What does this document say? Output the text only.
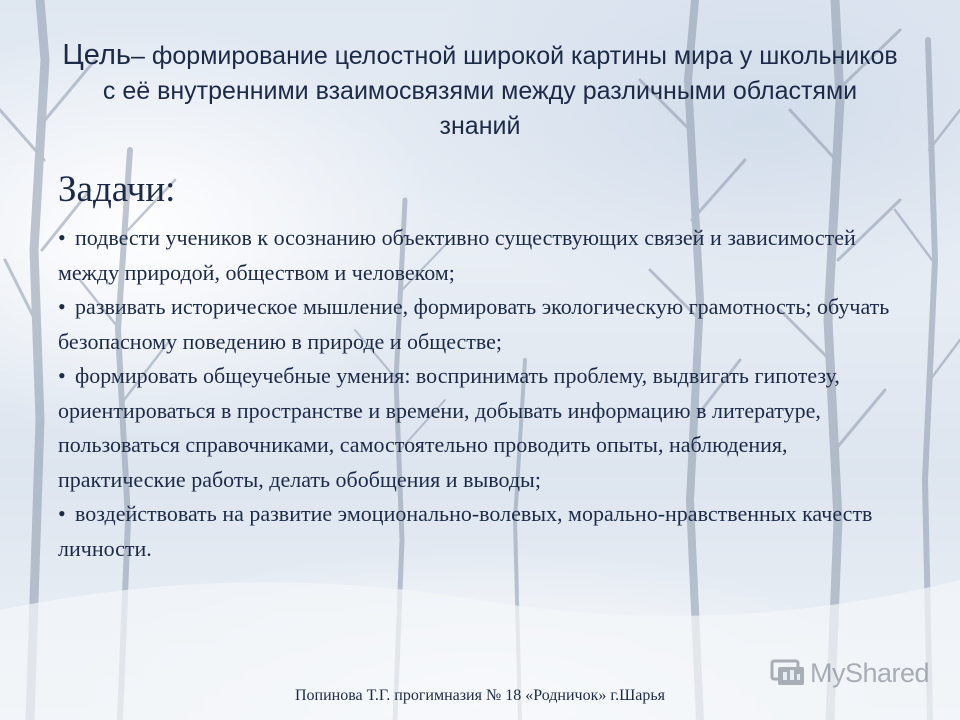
Цель– формирование целостной широкой картины мира у школьников с её внутренними взаимосвязями между различными областями знаний

Задачи:
• подвести учеников к осознанию объективно существующих связей и зависимостей между природой, обществом и человеком;
• развивать историческое мышление, формировать экологическую грамотность; обучать безопасному поведению в природе и обществе;
• формировать общеучебные умения: воспринимать проблему, выдвигать гипотезу, ориентироваться в пространстве и времени, добывать информацию в литературе, пользоваться справочниками, самостоятельно проводить опыты, наблюдения, практические работы, делать обобщения и выводы;
• воздействовать на развитие эмоционально-волевых, морально-нравственных качеств личности.
MyShared
Попинова Т.Г. прогимназия № 18 «Родничок» г.Шарья
